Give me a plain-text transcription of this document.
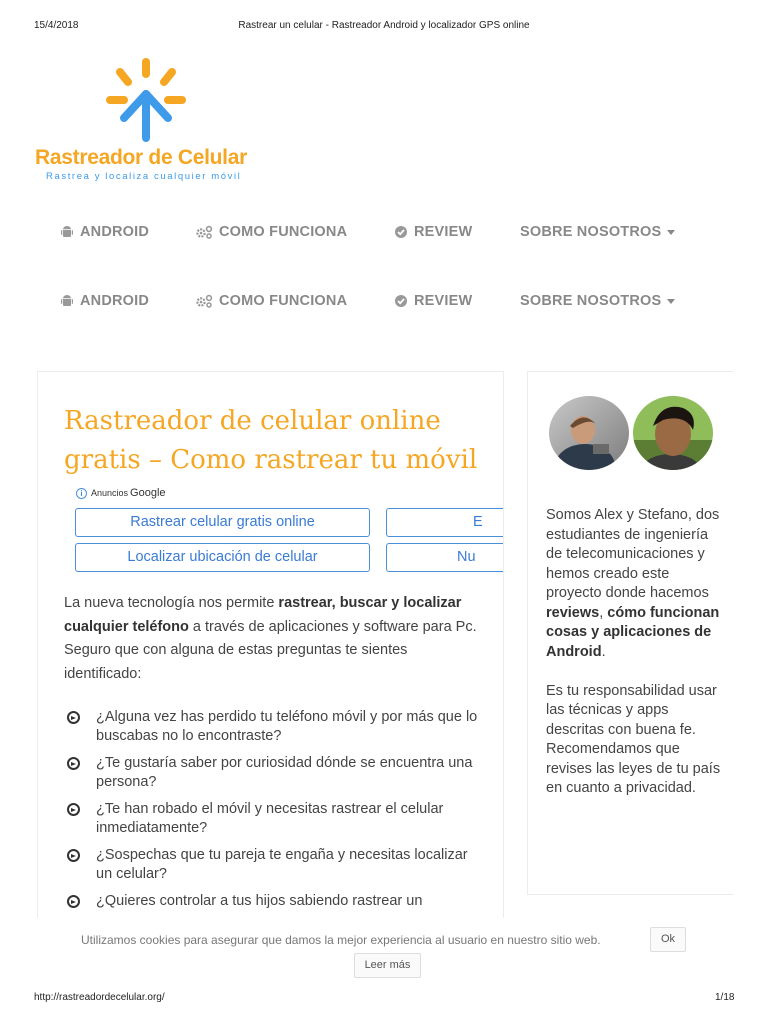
15/4/2018	Rastrear un celular - Rastreador Android y localizador GPS online
Rastreador de Celular
Rastrea y localiza cualquier móvil
ANDROID	COMO FUNCIONA	REVIEW	SOBRE NOSOTROS
ANDROID	COMO FUNCIONA	REVIEW	SOBRE NOSOTROS
Rastreador de celular online gratis – Como rastrear tu móvil
i Anuncios Google
Rastrear celular gratis online	E
Localizar ubicación de celular	Nu

La nueva tecnología nos permite rastrear, buscar y localizar cualquier teléfono a través de aplicaciones y software para Pc. Seguro que con alguna de estas preguntas te sientes identificado:

¿Alguna vez has perdido tu teléfono móvil y por más que lo buscabas no lo encontraste?
¿Te gustaría saber por curiosidad dónde se encuentra una persona?
¿Te han robado el móvil y necesitas rastrear el celular inmediatamente?
¿Sospechas que tu pareja te engaña y necesitas localizar un celular?
¿Quieres controlar a tus hijos sabiendo rastrear un

Somos Alex y Stefano, dos estudiantes de ingeniería de telecomunicaciones y hemos creado este proyecto donde hacemos reviews, cómo funcionan cosas y aplicaciones de Android.

Es tu responsabilidad usar las técnicas y apps descritas con buena fe. Recomendamos que revises las leyes de tu país en cuanto a privacidad.

Utilizamos cookies para asegurar que damos la mejor experiencia al usuario en nuestro sitio web.	Ok
Leer más
http://rastreadordecelular.org/	1/18
